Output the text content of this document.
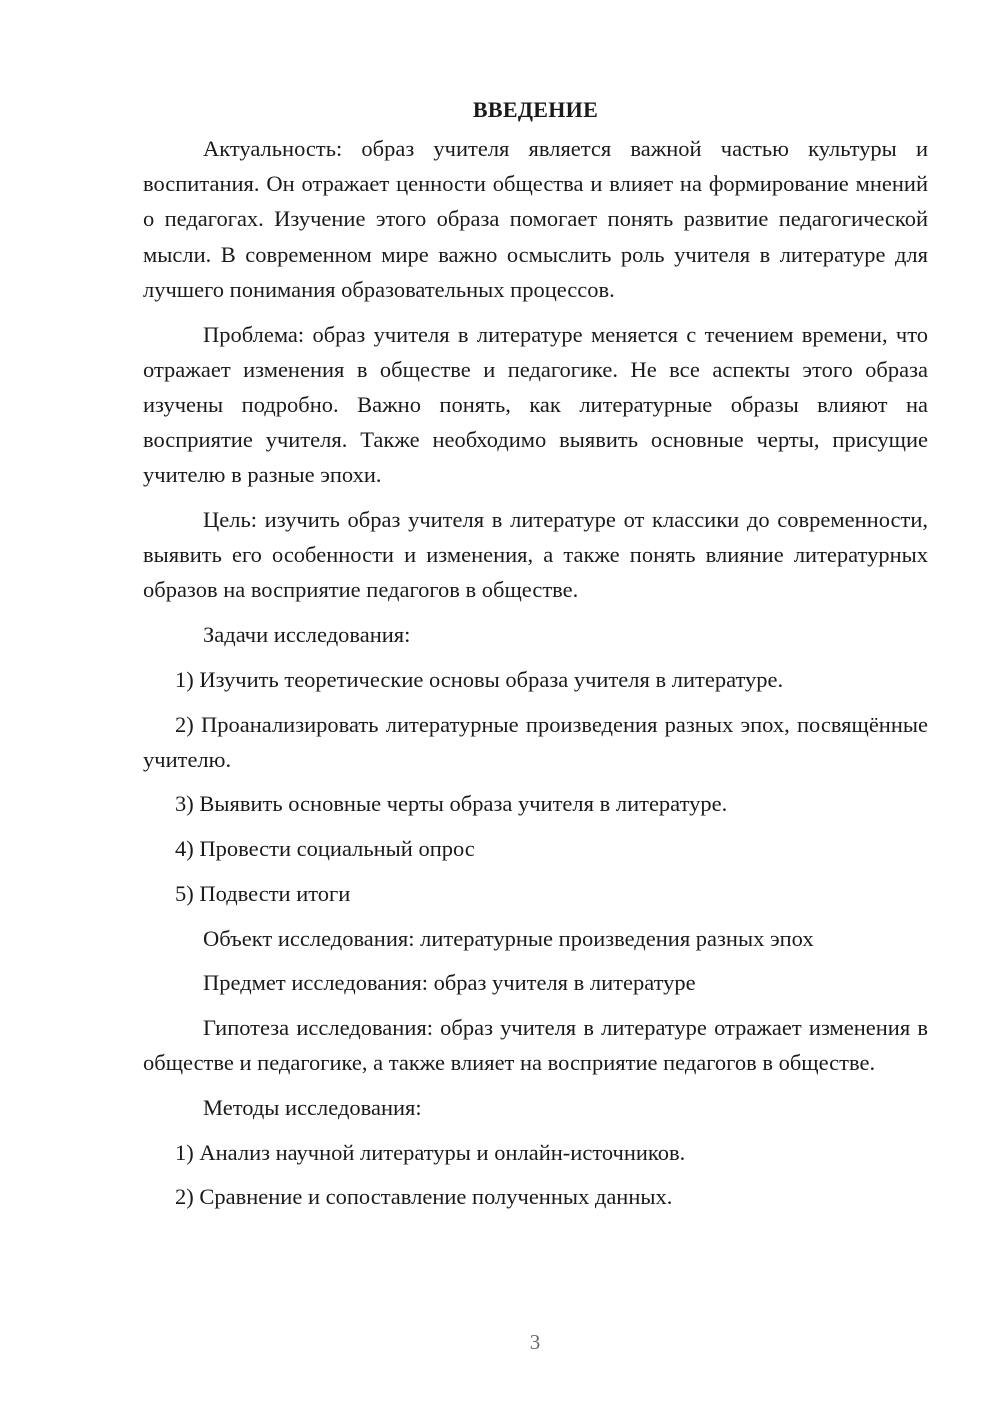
ВВЕДЕНИЕ

Актуальность: образ учителя является важной частью культуры и воспитания. Он отражает ценности общества и влияет на формирование мнений о педагогах. Изучение этого образа помогает понять развитие педагогической мысли. В современном мире важно осмыслить роль учителя в литературе для лучшего понимания образовательных процессов.

Проблема: образ учителя в литературе меняется с течением времени, что отражает изменения в обществе и педагогике. Не все аспекты этого образа изучены подробно. Важно понять, как литературные образы влияют на восприятие учителя. Также необходимо выявить основные черты, присущие учителю в разные эпохи.

Цель: изучить образ учителя в литературе от классики до современности, выявить его особенности и изменения, а также понять влияние литературных образов на восприятие педагогов в обществе.

Задачи исследования:

1) Изучить теоретические основы образа учителя в литературе.

2) Проанализировать литературные произведения разных эпох, посвящённые учителю.

3) Выявить основные черты образа учителя в литературе.

4) Провести социальный опрос

5) Подвести итоги

Объект исследования: литературные произведения разных эпох

Предмет исследования: образ учителя в литературе

Гипотеза исследования: образ учителя в литературе отражает изменения в обществе и педагогике, а также влияет на восприятие педагогов в обществе.

Методы исследования:

1) Анализ научной литературы и онлайн-источников.

2) Сравнение и сопоставление полученных данных.

3
